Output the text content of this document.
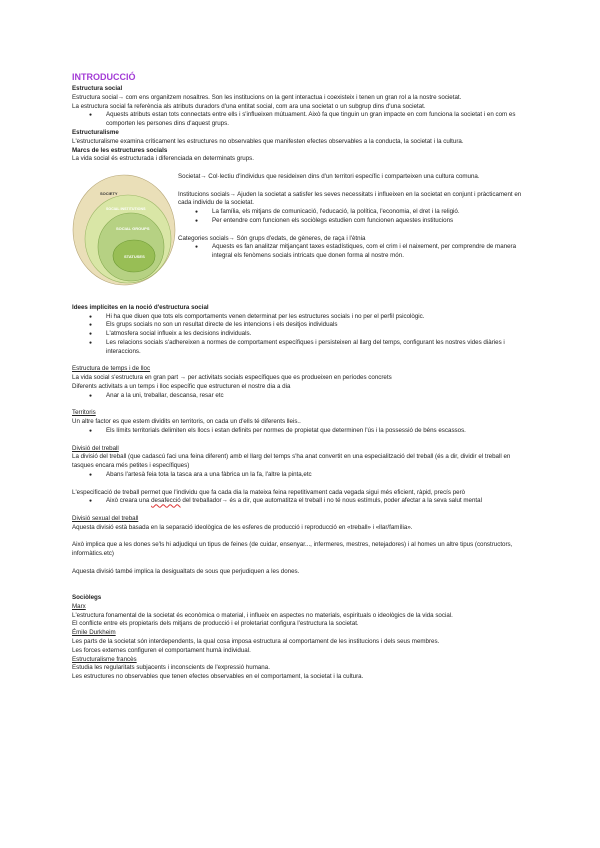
INTRODUCCIÓ
Estructura social

Estructura social→ com ens organitzem nosaltres. Son les institucions on la gent interactua i coexisteix i tenen un gran rol a la nostre societat.

La estructura social fa referència als atributs duradors d'una entitat social, com ara una societat o un subgrup dins d'una societat.

● Aquests atributs estan tots connectats entre ells i s'influeixen mútuament. Això fa que tinguin un gran impacte en com funciona la societat i en com es comporten les persones dins d'aquest grups.
Estructuralisme

L'estructuralisme examina críticament les estructures no observables que manifesten efectes observables a la conducta, la societat i la cultura.

Marcs de les estructures socials

La vida social és estructurada i diferenciada en determinats grups.

SOCIETY
SOCIAL INSTITUTIONS
SOCIAL GROUPS
STATUSES

Societat→ Col·lectiu d'individus que resideixen dins d'un territori específic i comparteixen una cultura comuna.

Institucions socials→ Ajuden la societat a satisfer les seves necessitats i influeixen en la societat en conjunt i pràcticament en cada individu de la societat.

● La família, els mitjans de comunicació, l'educació, la política, l'economia, el dret i la religió.
● Per entendre com funcionen els sociòlegs estudien com funcionen aquestes institucions

Categories socials→ Són grups d'edats, de gèneres, de raça i l'ètnia

● Aquests es fan analitzar mitjançant taxes estadístiques, com el crim i el naixement, per comprendre de manera integral els fenòmens socials intricats que donen forma al nostre món.
Idees implícites en la noció d'estructura social
● Hi ha que diuen que tots els comportaments venen determinat per les estructures socials i no per el perfil psicològic.
● Els grups socials no son un resultat directe de les intencions i els desitjos individuals
● L'atmosfera social influeix a les decisions individuals.
● Les relacions socials s'adhereixen a normes de comportament específiques i persisteixen al llarg del temps, configurant les nostres vides diàries i interaccions.
Estructura de temps i de lloc

La vida social s'estructura en gran part → per activitats socials específiques que es produeixen en períodes concrets

Diferents activitats a un temps i lloc específic que estructuren el nostre dia a dia

● Anar a la uni, treballar, descansa, resar etc
Territoris

Un altre factor es que estem dividits en territoris, on cada un d'ells té diferents lleis..

● Els límits territorials delimiten els llocs i estan definits per normes de propietat que determinen l'ús i la possessió de béns escassos.
Divisió del treball

La divisió del treball (que cadascú faci una feina diferent) amb el llarg del temps s'ha anat convertit en una especialització del treball (és a dir, dividir el treball en tasques encara més petites i específiques)

● Abans l'artesà feia tota la tasca ara a una fàbrica un la fa, l'altre la pinta,etc

L'especificació de treball permet que l'individu que fa cada dia la mateixa feina repetitivament cada vegada sigui més eficient, ràpid, precís però

● Això creara una desafecció del treballador→ és a dir, que automatitza el treball i no té nous estímuls, poder afectar a la seva salut mental
Divisió sexual del treball

Aquesta divisió està basada en la separació ideològica de les esferes de producció i reproducció en «treball» i «llar/família».

Això implica que a les dones se'ls hi adjudiqui un tipus de feines (de cuidar, ensenyar..., infermeres, mestres, netejadores) i al homes un altre tipus (constructors, informàtics.etc)

Aquesta divisió també implica la desigualtats de sous que perjudiquen a les dones.

Sociòlegs
Marx

L'estructura fonamental de la societat és econòmica o material, i influeix en aspectes no materials, espirituals o ideològics de la vida social.

El conflicte entre els propietaris dels mitjans de producció i el proletariat configura l'estructura la societat.

Émile Durkheim

Les parts de la societat són interdependents, la qual cosa imposa estructura al comportament de les institucions i dels seus membres.

Les forces externes configuren el comportament humà individual.

Estructuralisme francès

Estudia les regularitats subjacents i inconscients de l'expressió humana.

Les estructures no observables que tenen efectes observables en el comportament, la societat i la cultura.
